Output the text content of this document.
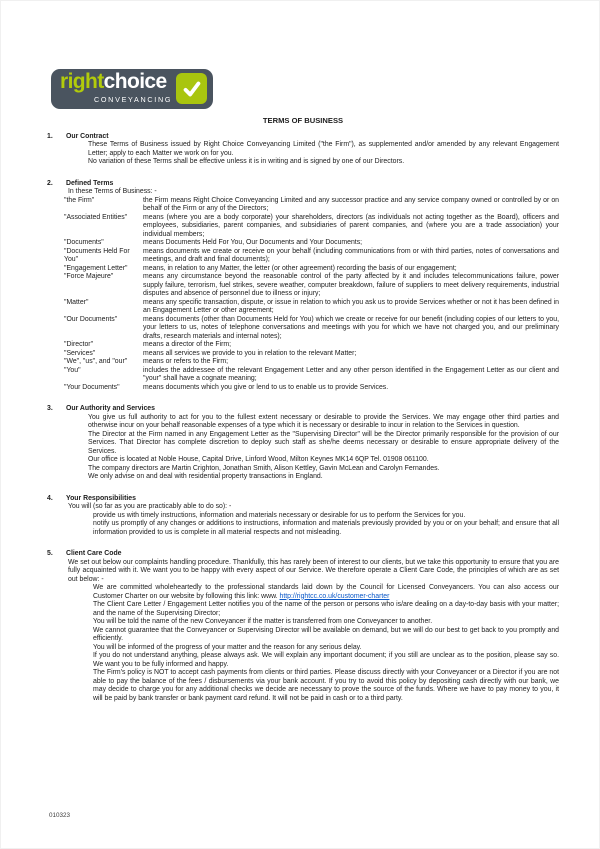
rightchoice
CONVEYANCING
TERMS OF BUSINESS
1.	Our Contract

These Terms of Business issued by Right Choice Conveyancing Limited ("the Firm"), as supplemented and/or amended by any relevant Engagement Letter; apply to each Matter we work on for you.

No variation of these Terms shall be effective unless it is in writing and is signed by one of our Directors.

2.	Defined Terms
In these Terms of Business: -
"the Firm"	the Firm means Right Choice Conveyancing Limited and any successor practice and any service company owned or controlled by or on behalf of the Firm or any of the Directors;
"Associated Entities"	means (where you are a body corporate) your shareholders, directors (as individuals not acting together as the Board), officers and employees, subsidiaries, parent companies, and subsidiaries of parent companies, and (where you are a trade association) your individual members;
"Documents"	means Documents Held For You, Our Documents and Your Documents;
"Documents Held For You"
means documents we create or receive on your behalf (including communications from or with third parties, notes of conversations and meetings, and draft and final documents);
"Engagement Letter"	means, in relation to any Matter, the letter (or other agreement) recording the basis of our engagement;
"Force Majeure"	means any circumstance beyond the reasonable control of the party affected by it and includes telecommunications failure, power supply failure, terrorism, fuel strikes, severe weather, computer breakdown, failure of suppliers to meet delivery requirements, industrial disputes and absence of personnel due to illness or injury;
"Matter"	means any specific transaction, dispute, or issue in relation to which you ask us to provide Services whether or not it has been defined in an Engagement Letter or other agreement;
"Our Documents"	means documents (other than Documents Held for You) which we create or receive for our benefit (including copies of our letters to you, your letters to us, notes of telephone conversations and meetings with you for which we have not charged you, and our preliminary drafts, research materials and internal notes);
"Director"	means a director of the Firm;
"Services"	means all services we provide to you in relation to the relevant Matter;
"We", "us", and "our"	means or refers to the Firm;
"You"	includes the addressee of the relevant Engagement Letter and any other person identified in the Engagement Letter as our client and "your" shall have a cognate meaning;
"Your Documents"	means documents which you give or lend to us to enable us to provide Services.
3.	Our Authority and Services

You give us full authority to act for you to the fullest extent necessary or desirable to provide the Services. We may engage other third parties and otherwise incur on your behalf reasonable expenses of a type which it is necessary or desirable to incur in relation to the Services in question.

The Director at the Firm named in any Engagement Letter as the "Supervising Director" will be the Director primarily responsible for the provision of our Services. That Director has complete discretion to deploy such staff as she/he deems necessary or desirable to ensure appropriate delivery of the Services.

Our office is located at Noble House, Capital Drive, Linford Wood, Milton Keynes MK14 6QP Tel. 01908 061100.

The company directors are Martin Crighton, Jonathan Smith, Alison Kettley, Gavin McLean and Carolyn Fernandes.

We only advise on and deal with residential property transactions in England.

4.	Your Responsibilities
You will (so far as you are practicably able to do so): -

provide us with timely instructions, information and materials necessary or desirable for us to perform the Services for you.

notify us promptly of any changes or additions to instructions, information and materials previously provided by you or on your behalf; and ensure that all information provided to us is complete in all material respects and not misleading.

5.	Client Care Code

We set out below our complaints handling procedure. Thankfully, this has rarely been of interest to our clients, but we take this opportunity to ensure that you are fully acquainted with it. We want you to be happy with every aspect of our Service. We therefore operate a Client Care Code, the principles of which are as set out below: -

We are committed wholeheartedly to the professional standards laid down by the Council for Licensed Conveyancers. You can also access our Customer Charter on our website by following this link: www. http://rightcc.co.uk/customer-charter

The Client Care Letter / Engagement Letter notifies you of the name of the person or persons who is/are dealing on a day-to-day basis with your matter; and the name of the Supervising Director;

You will be told the name of the new Conveyancer if the matter is transferred from one Conveyancer to another.

We cannot guarantee that the Conveyancer or Supervising Director will be available on demand, but we will do our best to get back to you promptly and efficiently.

You will be informed of the progress of your matter and the reason for any serious delay.

If you do not understand anything, please always ask. We will explain any important document; if you still are unclear as to the position, please say so. We want you to be fully informed and happy.

The Firm's policy is NOT to accept cash payments from clients or third parties. Please discuss directly with your Conveyancer or a Director if you are not able to pay the balance of the fees / disbursements via your bank account. If you try to avoid this policy by depositing cash directly with our bank, we may decide to charge you for any additional checks we decide are necessary to prove the source of the funds. Where we have to pay money to you, it will be paid by bank transfer or bank payment card refund. It will not be paid in cash or to a third party.

010323
